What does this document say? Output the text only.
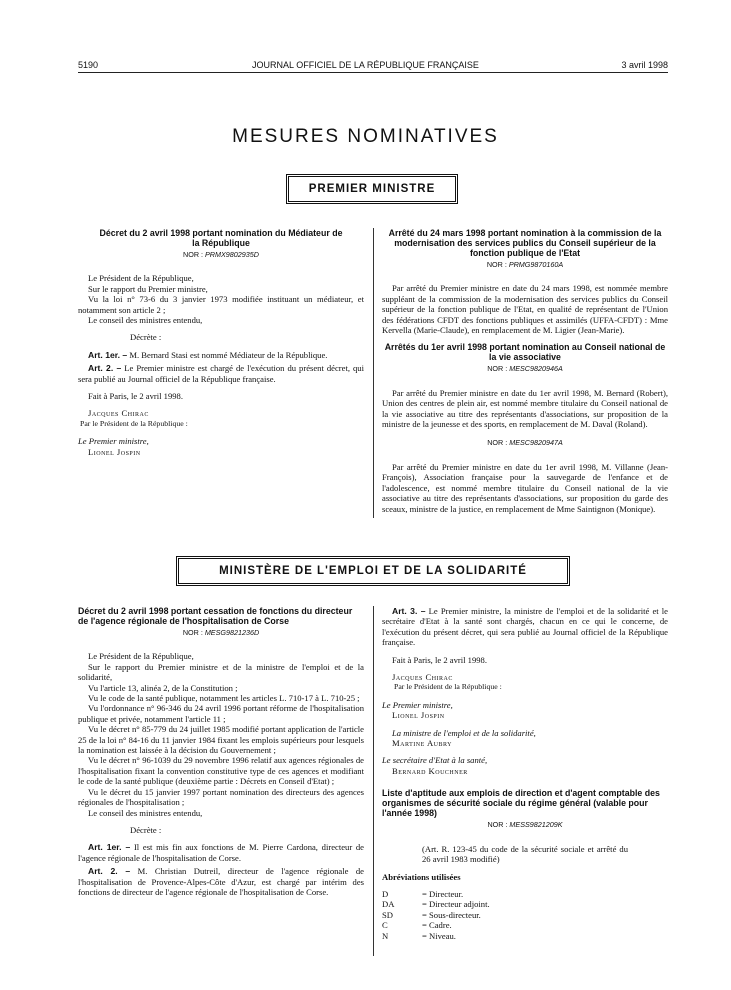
5190	JOURNAL OFFICIEL DE LA RÉPUBLIQUE FRANÇAISE	3 avril 1998
MESURES NOMINATIVES
PREMIER MINISTRE
Décret du 2 avril 1998 portant nomination du Médiateur de la République
NOR : PRMX9802935D

Le Président de la République,

Sur le rapport du Premier ministre,

Vu la loi n° 73-6 du 3 janvier 1973 modifiée instituant un médiateur, et notamment son article 2 ;

Le conseil des ministres entendu,

Décrète :

Art. 1er. – M. Bernard Stasi est nommé Médiateur de la République.

Art. 2. – Le Premier ministre est chargé de l'exécution du présent décret, qui sera publié au Journal officiel de la République française.

Fait à Paris, le 2 avril 1998.

Jacques Chirac

Par le Président de la République :

Le Premier ministre,

Lionel Jospin

Arrêté du 24 mars 1998 portant nomination à la commission de la modernisation des services publics du Conseil supérieur de la fonction publique de l'Etat
NOR : PRMG9870160A

Par arrêté du Premier ministre en date du 24 mars 1998, est nommée membre suppléant de la commission de la modernisation des services publics du Conseil supérieur de la fonction publique de l'Etat, en qualité de représentant de l'Union des fédérations CFDT des fonctions publiques et assimilés (UFFA-CFDT) : Mme Kervella (Marie-Claude), en remplacement de M. Ligier (Jean-Marie).

Arrêtés du 1er avril 1998 portant nomination au Conseil national de la vie associative
NOR : MESC9820946A

Par arrêté du Premier ministre en date du 1er avril 1998, M. Bernard (Robert), Union des centres de plein air, est nommé membre titulaire du Conseil national de la vie associative au titre des représentants d'associations, sur proposition de la ministre de la jeunesse et des sports, en remplacement de M. Daval (Roland).

NOR : MESC9820947A

Par arrêté du Premier ministre en date du 1er avril 1998, M. Villanne (Jean-François), Association française pour la sauvegarde de l'enfance et de l'adolescence, est nommé membre titulaire du Conseil national de la vie associative au titre des représentants d'associations, sur proposition du garde des sceaux, ministre de la justice, en remplacement de Mme Saintignon (Monique).

MINISTÈRE DE L'EMPLOI ET DE LA SOLIDARITÉ
Décret du 2 avril 1998 portant cessation de fonctions du directeur de l'agence régionale de l'hospitalisation de Corse
NOR : MESG9821236D

Le Président de la République,

Sur le rapport du Premier ministre et de la ministre de l'emploi et de la solidarité,

Vu l'article 13, alinéa 2, de la Constitution ;

Vu le code de la santé publique, notamment les articles L. 710-17 à L. 710-25 ;

Vu l'ordonnance n° 96-346 du 24 avril 1996 portant réforme de l'hospitalisation publique et privée, notamment l'article 11 ;

Vu le décret n° 85-779 du 24 juillet 1985 modifié portant application de l'article 25 de la loi n° 84-16 du 11 janvier 1984 fixant les emplois supérieurs pour lesquels la nomination est laissée à la décision du Gouvernement ;

Vu le décret n° 96-1039 du 29 novembre 1996 relatif aux agences régionales de l'hospitalisation fixant la convention constitutive type de ces agences et modifiant le code de la santé publique (deuxième partie : Décrets en Conseil d'Etat) ;

Vu le décret du 15 janvier 1997 portant nomination des directeurs des agences régionales de l'hospitalisation ;

Le conseil des ministres entendu,

Décrète :

Art. 1er. – Il est mis fin aux fonctions de M. Pierre Cardona, directeur de l'agence régionale de l'hospitalisation de Corse.

Art. 2. – M. Christian Dutreil, directeur de l'agence régionale de l'hospitalisation de Provence-Alpes-Côte d'Azur, est chargé par intérim des fonctions de directeur de l'agence régionale de l'hospitalisation de Corse.

Art. 3. – Le Premier ministre, la ministre de l'emploi et de la solidarité et le secrétaire d'Etat à la santé sont chargés, chacun en ce qui le concerne, de l'exécution du présent décret, qui sera publié au Journal officiel de la République française.

Fait à Paris, le 2 avril 1998.

Jacques Chirac

Par le Président de la République :

Le Premier ministre,

Lionel Jospin

La ministre de l'emploi et de la solidarité,

Martine Aubry

Le secrétaire d'Etat à la santé,

Bernard Kouchner

Liste d'aptitude aux emplois de direction et d'agent comptable des organismes de sécurité sociale du régime général (valable pour l'année 1998)
NOR : MESS9821209K

(Art. R. 123-45 du code de la sécurité sociale et arrêté du 26 avril 1983 modifié)

Abréviations utilisées

D	= Directeur.
DA	= Directeur adjoint.
SD	= Sous-directeur.
C	= Cadre.
N	= Niveau.
